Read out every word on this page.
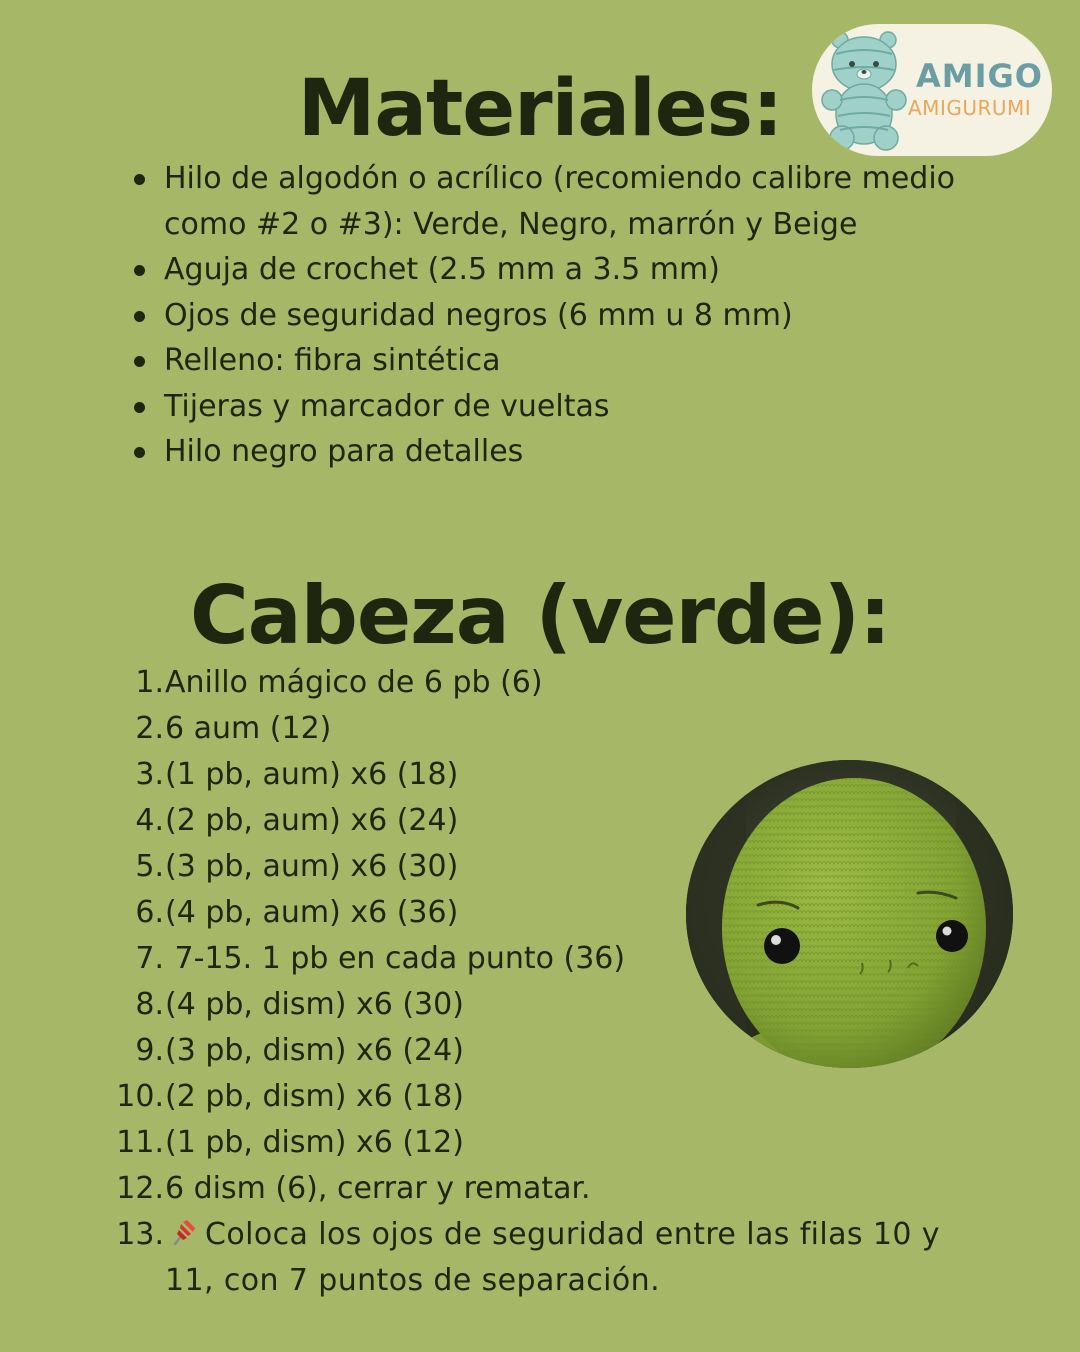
AMIGO
AMIGURUMI
Materiales:
Hilo de algodón o acrílico (recomiendo calibre medio como #2 o #3): Verde, Negro, marrón y Beige
Aguja de crochet (2.5 mm a 3.5 mm)
Ojos de seguridad negros (6 mm u 8 mm)
Relleno: fibra sintética
Tijeras y marcador de vueltas
Hilo negro para detalles
Cabeza (verde):
1. Anillo mágico de 6 pb (6)
2. 6 aum (12)
3. (1 pb, aum) x6 (18)
4. (2 pb, aum) x6 (24)
5. (3 pb, aum) x6 (30)
6. (4 pb, aum) x6 (36)
7. 7-15. 1 pb en cada punto (36)
8. (4 pb, dism) x6 (30)
9. (3 pb, dism) x6 (24)
10. (2 pb, dism) x6 (18)
11. (1 pb, dism) x6 (12)
12. 6 dism (6), cerrar y rematar.
13.	Coloca los ojos de seguridad entre las filas 10 y 11, con 7 puntos de separación.
